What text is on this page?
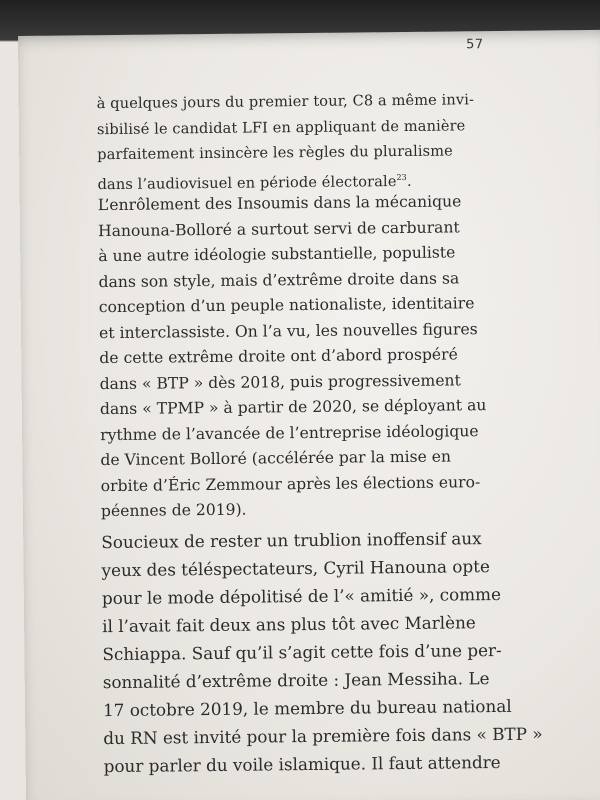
57
à quelques jours du premier tour, C8 a même invi-
sibilisé le candidat LFI en appliquant de manière
parfaitement insincère les règles du pluralisme
dans l’audiovisuel en période électorale$^{23}$.
L’enrôlement des Insoumis dans la mécanique
Hanouna-Bolloré a surtout servi de carburant
à une autre idéologie substantielle, populiste
dans son style, mais d’extrême droite dans sa
conception d’un peuple nationaliste, identitaire
et interclassiste. On l’a vu, les nouvelles figures
de cette extrême droite ont d’abord prospéré
dans « BTP » dès 2018, puis progressivement
dans « TPMP » à partir de 2020, se déployant au
rythme de l’avancée de l’entreprise idéologique
de Vincent Bolloré (accélérée par la mise en
orbite d’Éric Zemmour après les élections euro-
péennes de 2019).
Soucieux de rester un trublion inoffensif aux
yeux des téléspectateurs, Cyril Hanouna opte
pour le mode dépolitisé de l’« amitié », comme
il l’avait fait deux ans plus tôt avec Marlène
Schiappa. Sauf qu’il s’agit cette fois d’une per-
sonnalité d’extrême droite : Jean Messiha. Le
17 octobre 2019, le membre du bureau national
du RN est invité pour la première fois dans « BTP »
pour parler du voile islamique. Il faut attendre
